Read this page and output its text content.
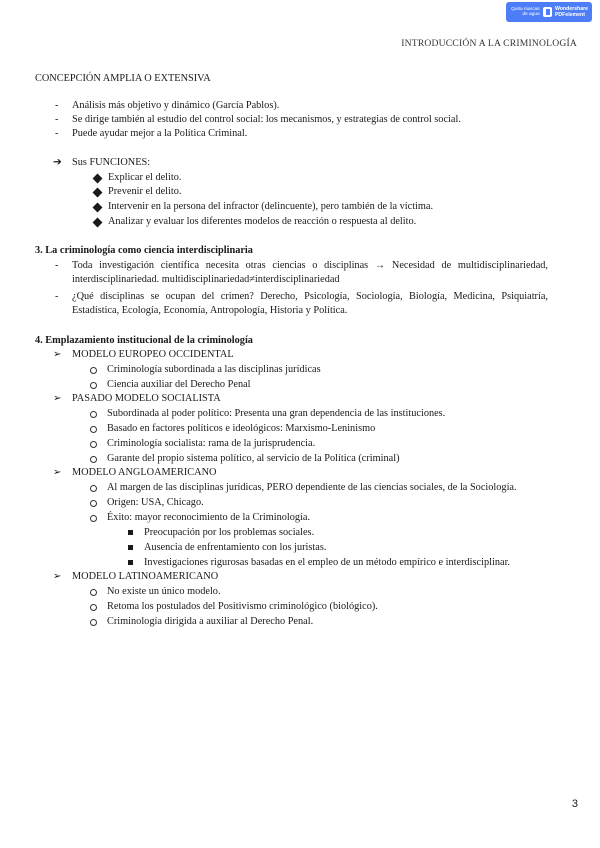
Quita marcas
de agua
Wondershare
PDFelement
INTRODUCCIÓN A LA CRIMINOLOGÍA
CONCEPCIÓN AMPLIA O EXTENSIVA
- Análisis más objetivo y dinámico (García Pablos).
- Se dirige también al estudio del control social: los mecanismos, y estrategias de control social.
- Puede ayudar mejor a la Política Criminal.
➔ Sus FUNCIONES:
Explicar el delito.
Prevenir el delito.
Intervenir en la persona del infractor (delincuente), pero también de la víctima.
Analizar y evaluar los diferentes modelos de reacción o respuesta al delito.
3. La criminología como ciencia interdisciplinaria
- Toda investigación científica necesita otras ciencias o disciplinas → Necesidad de multidisciplinariedad, interdisciplinariedad. multidisciplinariedad≠interdisciplinariedad
- ¿Qué disciplinas se ocupan del crimen? Derecho, Psicología, Sociología, Biología, Medicina, Psiquiatría, Estadística, Ecología, Economía, Antropología, Historia y Política.
4. Emplazamiento institucional de la criminología
➢ MODELO EUROPEO OCCIDENTAL
Criminología subordinada a las disciplinas jurídicas
Ciencia auxiliar del Derecho Penal
➢ PASADO MODELO SOCIALISTA
Subordinada al poder político: Presenta una gran dependencia de las instituciones.
Basado en factores políticos e ideológicos: Marxismo-Leninismo
Criminología socialista: rama de la jurisprudencia.
Garante del propio sistema político, al servicio de la Política (criminal)
➢ MODELO ANGLOAMERICANO
Al margen de las disciplinas jurídicas, PERO dependiente de las ciencias sociales, de la Sociología.
Origen: USA, Chicago.
Éxito: mayor reconocimiento de la Criminología.
Preocupación por los problemas sociales.
Ausencia de enfrentamiento con los juristas.
Investigaciones rigurosas basadas en el empleo de un método empírico e interdisciplinar.
➢ MODELO LATINOAMERICANO
No existe un único modelo.
Retoma los postulados del Positivismo criminológico (biológico).
Criminología dirigida a auxiliar al Derecho Penal.
3
